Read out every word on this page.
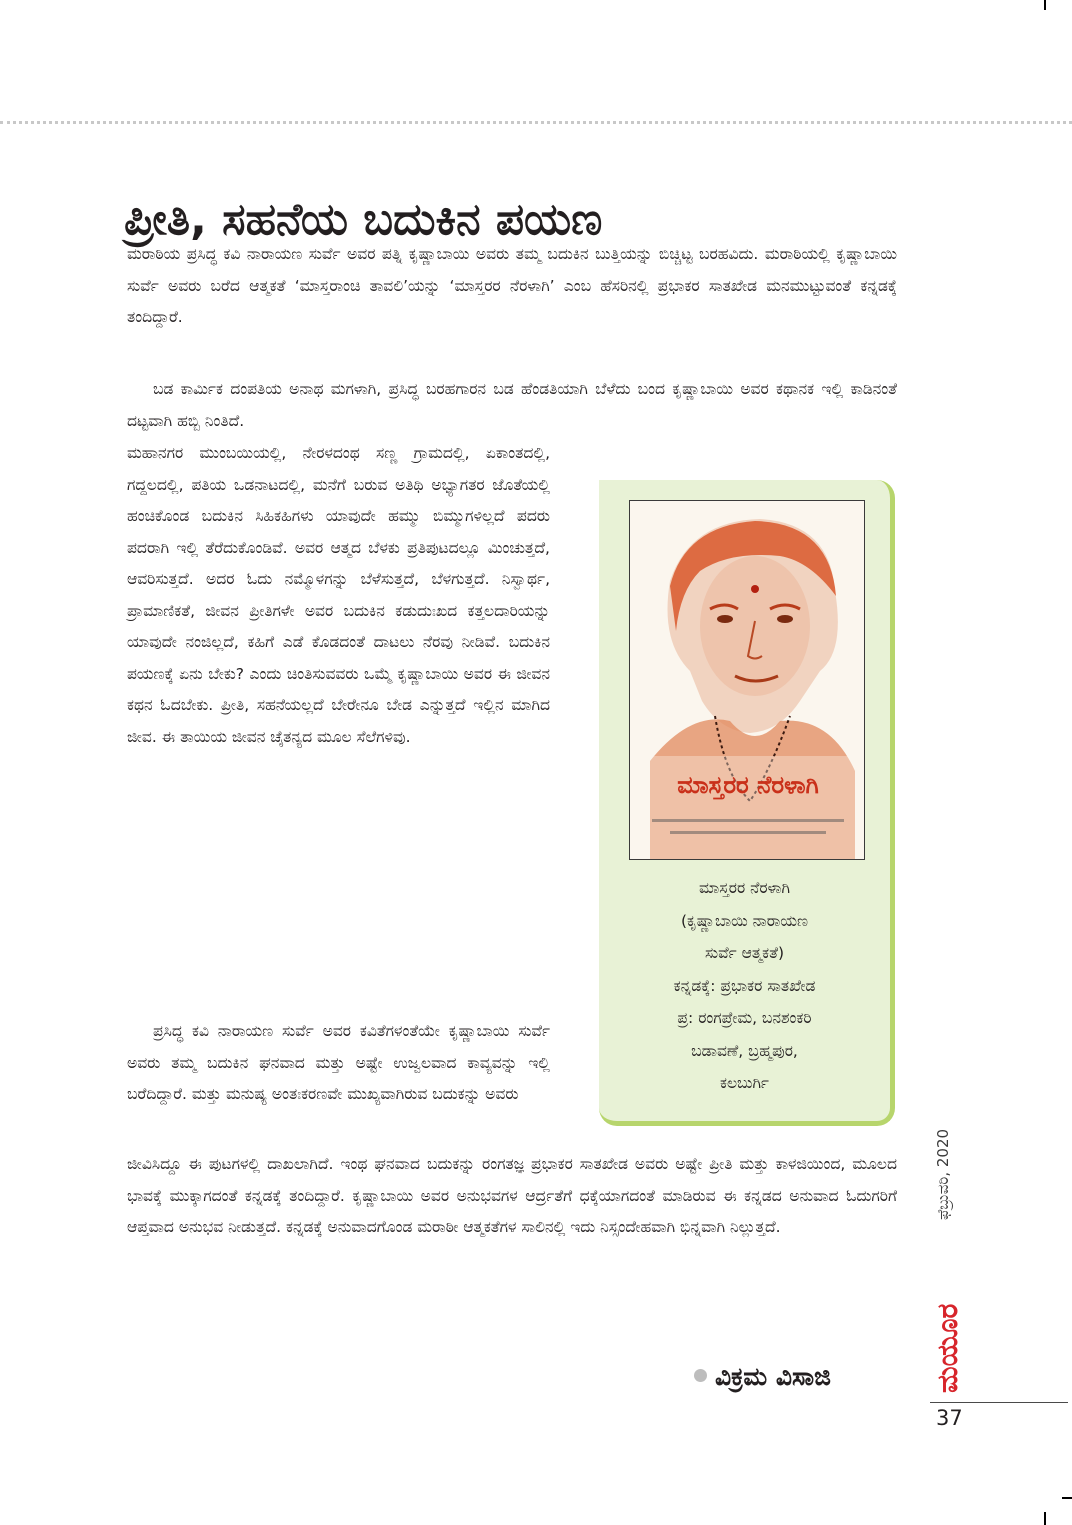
ಪ್ರೀತಿ, ಸಹನೆಯ ಬದುಕಿನ ಪಯಣ

ಮರಾಠಿಯ ಪ್ರಸಿದ್ಧ ಕವಿ ನಾರಾಯಣ ಸುರ್ವೆ ಅವರ ಪತ್ನಿ ಕೃಷ್ಣಾಬಾಯಿ ಅವರು ತಮ್ಮ ಬದುಕಿನ ಬುತ್ತಿಯನ್ನು ಬಿಚ್ಚಿಟ್ಟ ಬರಹವಿದು. ಮರಾಠಿಯಲ್ಲಿ ಕೃಷ್ಣಾಬಾಯಿ ಸುರ್ವೆ ಅವರು ಬರೆದ ಆತ್ಮಕತೆ ‘ಮಾಸ್ತರಾಂಚಿ ತಾವಲಿ’ಯನ್ನು ‘ಮಾಸ್ತರರ ನೆರಳಾಗಿ’ ಎಂಬ ಹೆಸರಿನಲ್ಲಿ ಪ್ರಭಾಕರ ಸಾತಖೇಡ ಮನಮುಟ್ಟುವಂತೆ ಕನ್ನಡಕ್ಕೆ ತಂದಿದ್ದಾರೆ.

ಬಡ ಕಾರ್ಮಿಕ ದಂಪತಿಯ ಅನಾಥ ಮಗಳಾಗಿ, ಪ್ರಸಿದ್ಧ ಬರಹಗಾರನ ಬಡ ಹೆಂಡತಿಯಾಗಿ ಬೆಳೆದು ಬಂದ ಕೃಷ್ಣಾಬಾಯಿ ಅವರ ಕಥಾನಕ ಇಲ್ಲಿ ಕಾಡಿನಂತೆ ದಟ್ಟವಾಗಿ ಹಬ್ಬಿ ನಿಂತಿದೆ.

ಮಹಾನಗರ ಮುಂಬಯಿಯಲ್ಲಿ, ನೇರಳದಂಥ ಸಣ್ಣ ಗ್ರಾಮದಲ್ಲಿ, ಏಕಾಂತದಲ್ಲಿ, ಗದ್ದಲದಲ್ಲಿ, ಪತಿಯ ಒಡನಾಟದಲ್ಲಿ, ಮನೆಗೆ ಬರುವ ಅತಿಥಿ ಅಭ್ಯಾಗತರ ಜೊತೆಯಲ್ಲಿ ಹಂಚಿಕೊಂಡ ಬದುಕಿನ ಸಿಹಿಕಹಿಗಳು ಯಾವುದೇ ಹಮ್ಮು ಬಿಮ್ಮುಗಳಿಲ್ಲದೆ ಪದರು ಪದರಾಗಿ ಇಲ್ಲಿ ತೆರೆದುಕೊಂಡಿವೆ. ಅವರ ಆತ್ಮದ ಬೆಳಕು ಪ್ರತಿಪುಟದಲ್ಲೂ ಮಿಂಚುತ್ತದೆ, ಆವರಿಸುತ್ತದೆ. ಅದರ ಓದು ನಮ್ಮೊಳಗನ್ನು ಬೆಳೆಸುತ್ತದೆ, ಬೆಳಗುತ್ತದೆ. ನಿಸ್ವಾರ್ಥ, ಪ್ರಾಮಾಣಿಕತೆ, ಜೀವನ ಪ್ರೀತಿಗಳೇ ಅವರ ಬದುಕಿನ ಕಡುದುಃಖದ ಕತ್ತಲದಾರಿಯನ್ನು ಯಾವುದೇ ನಂಜಿಲ್ಲದೆ, ಕಹಿಗೆ ಎಡೆ ಕೊಡದಂತೆ ದಾಟಲು ನೆರವು ನೀಡಿವೆ. ಬದುಕಿನ ಪಯಣಕ್ಕೆ ಏನು ಬೇಕು? ಎಂದು ಚಿಂತಿಸುವವರು ಒಮ್ಮೆ ಕೃಷ್ಣಾಬಾಯಿ ಅವರ ಈ ಜೀವನ ಕಥನ ಓದಬೇಕು. ಪ್ರೀತಿ, ಸಹನೆಯಲ್ಲದೆ ಬೇರೇನೂ ಬೇಡ ಎನ್ನುತ್ತದೆ ಇಲ್ಲಿನ ಮಾಗಿದ ಜೀವ. ಈ ತಾಯಿಯ ಜೀವನ ಚೈತನ್ಯದ ಮೂಲ ಸೆಲೆಗಳಿವು.

ಪ್ರಸಿದ್ಧ ಕವಿ ನಾರಾಯಣ ಸುರ್ವೆ ಅವರ ಕವಿತೆಗಳಂತೆಯೇ ಕೃಷ್ಣಾಬಾಯಿ ಸುರ್ವೆ ಅವರು ತಮ್ಮ ಬದುಕಿನ ಘನವಾದ ಮತ್ತು ಅಷ್ಟೇ ಉಜ್ವಲವಾದ ಕಾವ್ಯವನ್ನು ಇಲ್ಲಿ ಬರೆದಿದ್ದಾರೆ. ಮತ್ತು ಮನುಷ್ಯ ಅಂತಃಕರಣವೇ ಮುಖ್ಯವಾಗಿರುವ ಬದುಕನ್ನು ಅವರು

ಜೀವಿಸಿದ್ದೂ ಈ ಪುಟಗಳಲ್ಲಿ ದಾಖಲಾಗಿದೆ. ಇಂಥ ಘನವಾದ ಬದುಕನ್ನು ರಂಗತಜ್ಞ ಪ್ರಭಾಕರ ಸಾತಖೇಡ ಅವರು ಅಷ್ಟೇ ಪ್ರೀತಿ ಮತ್ತು ಕಾಳಜಿಯಿಂದ, ಮೂಲದ ಭಾವಕ್ಕೆ ಮುಕ್ಕಾಗದಂತೆ ಕನ್ನಡಕ್ಕೆ ತಂದಿದ್ದಾರೆ. ಕೃಷ್ಣಾಬಾಯಿ ಅವರ ಅನುಭವಗಳ ಆರ್ದ್ರತೆಗೆ ಧಕ್ಕೆಯಾಗದಂತೆ ಮಾಡಿರುವ ಈ ಕನ್ನಡದ ಅನುವಾದ ಓದುಗರಿಗೆ ಆಪ್ತವಾದ ಅನುಭವ ನೀಡುತ್ತದೆ. ಕನ್ನಡಕ್ಕೆ ಅನುವಾದಗೊಂಡ ಮರಾಠೀ ಆತ್ಮಕತೆಗಳ ಸಾಲಿನಲ್ಲಿ ಇದು ನಿಸ್ಸಂದೇಹವಾಗಿ ಭಿನ್ನವಾಗಿ ನಿಲ್ಲುತ್ತದೆ.

ಮಾಸ್ತರರ ನೆರಳಾಗಿ
ಮಾಸ್ತರರ ನೆರಳಾಗಿ
(ಕೃಷ್ಣಾಬಾಯಿ ನಾರಾಯಣ
ಸುರ್ವೆ ಆತ್ಮಕತೆ)
ಕನ್ನಡಕ್ಕೆ: ಪ್ರಭಾಕರ ಸಾತಖೇಡ
ಪ್ರ: ರಂಗಪ್ರೇಮ, ಬನಶಂಕರಿ
ಬಡಾವಣೆ, ಬ್ರಹ್ಮಪುರ,
ಕಲಬುರ್ಗಿ
ವಿಕ್ರಮ ವಿಸಾಜಿ
ಫೆಬ್ರುವರಿ, 2020
ಮಯೂರ
37
